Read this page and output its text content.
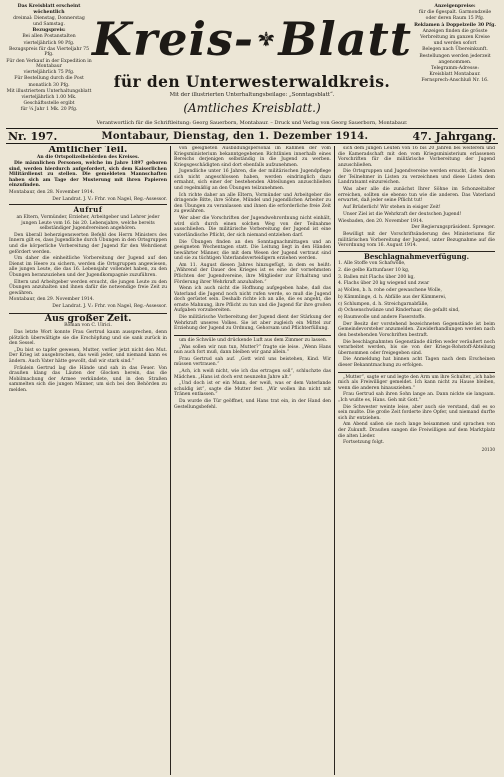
Das Kreisblatt erscheint wöchentlich
dreimal: Dienstag, Donnerstag
und Samstag.
Bezugspreis:
Bei allen Postanstalten
vierteljährlich 90 Pfg.
Bezugspreis für das Vierteljahr 75 Pfg.
Für den Verkauf in der Expedition in Montabaur
vierteljährlich 75 Pfg.
Für Bestellung durch die Post
monatlich 30 Pfg.
Mit illustriertem Unterhaltungsblatt
vierteljährlich 1.00 Mk.
Geschäftsstelle ergibt
für ¼ Jahr 1 Mk. 20 Pfg.
Anzeigenpreise:
für die 6gespalt. Garmondzeile
oder deren Raum 15 Pfg.
Reklamen à Doppelzeile 30 Pfg.
Anzeigen finden die grösste
Verbreitung im ganzen Kreise
und werden sofort
Belegen nach Übereinkunft.
Bestellungen werden jederzeit
angenommen.
Telegramm-Adresse:
Kreisblatt Montabaur.
Fernsprech-Anschluß Nr. 16.
Kreis- Blatt
für den Unterwesterwaldkreis.
Mit der illustrierten Unterhaltungsbeilage: „Sonntagsblatt“.
(Amtliches Kreisblatt.)
Verantwortlich für die Schriftleitung: Georg Sauerborn, Montabaur. – Druck und Verlag von Georg Sauerborn, Montabaur.
Nr. 197.	Montabaur, Dienstag, den 1. Dezember 1914.	47. Jahrgang.

Amtlicher Teil.

An die Ortspolizeibehörden des Kreises.

Die männlichen Personen, welche im Jahre 1897 geboren sind, werden hierdurch aufgefordert, sich dem Kaiserlichen Militärdienst zu stellen. Die gemeldeten Mannschaften haben sich am Tage der Musterung mit ihren Papieren einzufinden.

Montabaur, den 28. November 1914.

Der Landrat. J. V.: Frhr. von Nagel, Reg.-Assessor.

Aufruf

an Eltern, Vormünder, Erzieher, Arbeitgeber und Lehrer jeder jungen Leute vom 16. bis 20. Lebensjahre, welche bereits selbständiger Jugendvereinen angehören.

Den überall beherzigenswerten Befehl des Herrn Ministers des Innern gilt es, dass Jugendliche durch Übungen in den Ortsgruppen und die körperliche Vorbereitung der Jugend für den Wehrdienst gefördert werden.

Um daher die einheitliche Vorbereitung der Jugend auf den Dienst im Heere zu sichern, werden die Ortsgruppen angewiesen, alle jungen Leute, die das 16. Lebensjahr vollendet haben, zu den Übungen heranzuziehen und der Jugendkompagnie zuzuführen.

Eltern und Arbeitgeber werden ersucht, die jungen Leute zu den Übungen anzuhalten und ihnen dafür die notwendige freie Zeit zu gewähren.

Montabaur, den 29. November 1914.

Der Landrat. J. V.: Frhr. von Nagel, Reg.-Assessor.

Aus großer Zeit.

Roman von C. Ulrici.

Das letzte Wort konnte Frau Gertrud kaum aussprechen, denn plötzlich überwältigte sie die Erschöpfung und sie sank zurück in den Sessel.

„Du bist so tapfer gewesen, Mutter, verlier jetzt nicht den Mut. Der Krieg ist ausgebrochen, das weiß jeder, und niemand kann es ändern. Auch Vater hätte gewollt, daß wir stark sind.“

Fräulein Gertrud lag die Hände und sah in das Feuer. Von draußen klang das Läuten der Glocken herein, das die Mobilmachung der Armee verkündete, und in den Straßen sammelten sich die jungen Männer, um sich bei den Behörden zu melden.

von geeigneten Ausbildungspersonal im Rahmen der vom Kriegsministerium bekanntgegebenen Richtlinien innerhalb eines Bereichs derjenigen selbständig in die Jugend zu werben. Kriegsgeschädigten sind dort ebenfalls aufzunehmen.

Jugendliche unter 16 Jahren, die der militärischen Jugendpflege sich nicht angeschlossen haben, werden eindringlich dazu ermahnt, sich einer der bestehenden Abteilungen anzuschließen und regelmäßig an den Übungen teilzunehmen.

Ich richte daher an alle Eltern, Vormünder und Arbeitgeber die dringende Bitte, ihre Söhne, Mündel und jugendlichen Arbeiter zu den Übungen zu veranlassen und ihnen die erforderliche freie Zeit zu gewähren.

Wer aber die Vorschriften der Jugendwehrordnung nicht einhält, wird sich durch einen solchen Weg von der Teilnahme ausschließen. Die militärische Vorbereitung der Jugend ist eine vaterländische Pflicht, der sich niemand entziehen darf.

Die Übungen finden an den Sonntagnachmittagen und an geeigneten Wochentagen statt. Die Leitung liegt in den Händen bewährter Männer, die mit dem Wesen der Jugend vertraut sind und sie zu tüchtigen Vaterlandsverteidigern erziehen werden.

Am 11. August diesen Jahres hinzugefügt, in dem es heißt: „Während der Dauer des Krieges ist es eine der vornehmsten Pflichten der Jugendvereine, ihre Mitglieder zur Erhaltung und Förderung ihrer Wehrkraft anzuhalten.“

Wenn ich auch nicht die Hoffnung aufgegeben habe, daß das Vaterland die Jugend noch nicht rufen werde, so muß die Jugend doch gerüstet sein. Deshalb richte ich an alle, die es angeht, die ernste Mahnung, ihre Pflicht zu tun und die Jugend für ihre großen Aufgaben vorzubereiten.

Die militärische Vorbereitung der Jugend dient der Stärkung der Wehrkraft unseres Volkes. Sie ist aber zugleich ein Mittel zur Erziehung der Jugend zu Ordnung, Gehorsam und Pflichterfüllung.

um die Schwüle und drückende Luft aus dem Zimmer zu lassen.

„Was sollen wir nun tun, Mutter?“ fragte sie leise. „Wenn Hans nun auch fort muß, dann bleiben wir ganz allein.“

Frau Gertrud sah auf. „Gott wird uns beistehen, Kind. Wir müssen vertrauen.“

„Ach, ich weiß nicht, wie ich das ertragen soll“, schluchzte das Mädchen. „Hans ist doch erst neunzehn Jahre alt.“

„Und doch ist er ein Mann, der weiß, was er dem Vaterlande schuldig ist“, sagte die Mutter fest. „Wir wollen ihn nicht mit Tränen entlassen.“

Da wurde die Tür geöffnet, und Hans trat ein, in der Hand den Gestellungsbefehl.

sich dem jungen Leuten von 16 bis 20 Jahren bei weiterem und die Kameradschaft mit den vom Kriegsministerium erlassenen Vorschriften für die militärische Vorbereitung der Jugend anzuschließen.

Die Ortsgruppen und Jugendvereine werden ersucht, die Namen der Teilnehmer in Listen zu verzeichnen und diese Listen dem Landratsamt einzureichen.

Was aber alle die zunächst Ihrer Söhne im Schonzeitalter erreichen, sollten sie ebenso tun wie die anderen. Das Vaterland erwartet, daß jeder seine Pflicht tut!

Auf Brüderlich! Wir stehen in eisiger Zeit!

Unser Ziel ist die Wehrkraft der deutschen Jugend!

Wiesbaden, den 20. November 1914.

Der Regierungspräsident. Sprenger.

Bewilligt mit der Vorschriftsänderung des Ministeriums für militärischen Vorbereitung der Jugend, unter Bezugnahme auf die Verordnung vom 16. August 1914.

Beschlagnahmeverfügung.

1. Alle Stoffe von Schafwolle,

2. die gelbe Kattunfaser 10 kg,

3. Ballen mit Flachs über 200 kg,

4. Flachs über 20 kg wiegend und zwar

a) Wollen, b. h. rohe oder gewaschene Wolle,

b) Kämmlinge, d. h. Abfälle aus der Kämmerei,

c) Schlumpen, d. h. Streichgarnabfälle,

d) Ochsenschwänze und Rinderhaar, die gefaßt sind,

e) Baumwolle und andere Faserstoffe.

Der Besitz der vorstehend bezeichneten Gegenstände ist beim Gemeindevorsteher anzumelden. Zuwiderhandlungen werden nach den bestehenden Vorschriften bestraft.

Die beschlagnahmten Gegenstände dürfen weder veräußert noch verarbeitet werden, bis sie von der Kriegs-Rohstoff-Abteilung übernommen oder freigegeben sind.

Die Anmeldung hat binnen acht Tagen nach dem Erscheinen dieser Bekanntmachung zu erfolgen.

„Mutter“, sagte er und legte den Arm um ihre Schulter, „ich habe mich als Freiwilliger gemeldet. Ich kann nicht zu Hause bleiben, wenn die anderen hinausziehen.“

Frau Gertrud sah ihren Sohn lange an. Dann nickte sie langsam. „Ich wußte es, Hans. Geh mit Gott.“

Die Schwester weinte leise, aber auch sie verstand, daß es so sein mußte. Die große Zeit forderte ihre Opfer, und niemand durfte sich ihr entziehen.

Am Abend saßen sie noch lange beisammen und sprachen von der Zukunft. Draußen sangen die Freiwilligen auf dem Marktplatz die alten Lieder.

Fortsetzung folgt.

20130
